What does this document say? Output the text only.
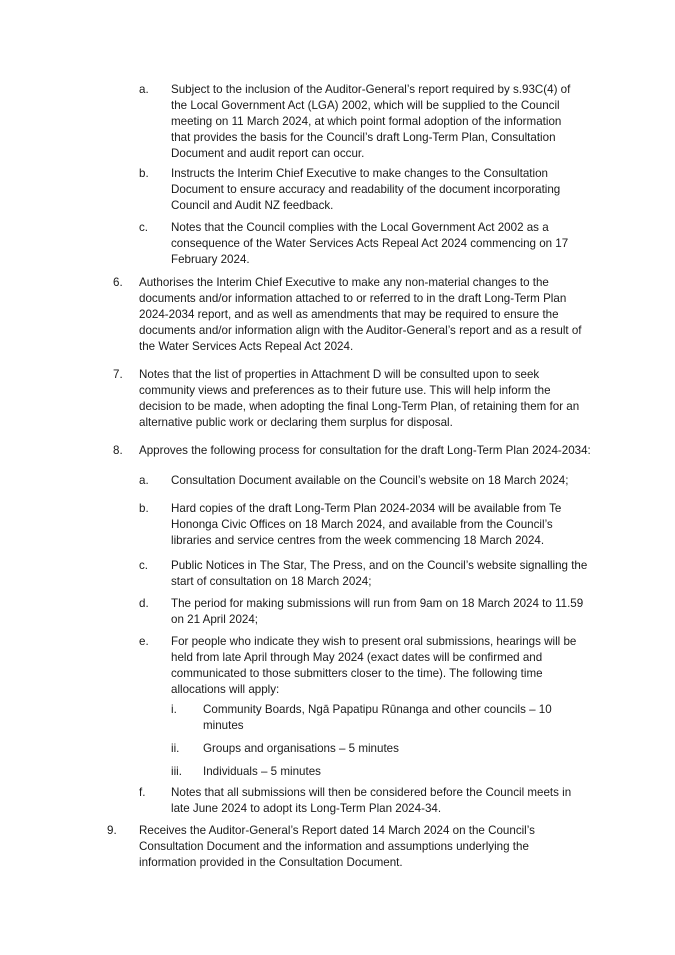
a. Subject to the inclusion of the Auditor-General’s report required by s.93C(4) of
the Local Government Act (LGA) 2002, which will be supplied to the Council
meeting on 11 March 2024, at which point formal adoption of the information
that provides the basis for the Council’s draft Long-Term Plan, Consultation
Document and audit report can occur.
b. Instructs the Interim Chief Executive to make changes to the Consultation
Document to ensure accuracy and readability of the document incorporating
Council and Audit NZ feedback.
c. Notes that the Council complies with the Local Government Act 2002 as a
consequence of the Water Services Acts Repeal Act 2024 commencing on 17
February 2024.
6.	Authorises the Interim Chief Executive to make any non-material changes to the
documents and/or information attached to or referred to in the draft Long-Term Plan
2024-2034 report, and as well as amendments that may be required to ensure the
documents and/or information align with the Auditor-General’s report and as a result of
the Water Services Acts Repeal Act 2024.
7.	Notes that the list of properties in Attachment D will be consulted upon to seek
community views and preferences as to their future use. This will help inform the
decision to be made, when adopting the final Long-Term Plan, of retaining them for an
alternative public work or declaring them surplus for disposal.
8.	Approves the following process for consultation for the draft Long-Term Plan 2024-2034:
a. Consultation Document available on the Council’s website on 18 March 2024;
b. Hard copies of the draft Long-Term Plan 2024-2034 will be available from Te
Hononga Civic Offices on 18 March 2024, and available from the Council’s
libraries and service centres from the week commencing 18 March 2024.
c. Public Notices in The Star, The Press, and on the Council’s website signalling the
start of consultation on 18 March 2024;
d. The period for making submissions will run from 9am on 18 March 2024 to 11.59
on 21 April 2024;
e. For people who indicate they wish to present oral submissions, hearings will be
held from late April through May 2024 (exact dates will be confirmed and
communicated to those submitters closer to the time). The following time
allocations will apply:
i. Community Boards, Ngā Papatipu Rūnanga and other councils – 10
minutes
ii. Groups and organisations – 5 minutes
iii. Individuals – 5 minutes
f. Notes that all submissions will then be considered before the Council meets in
late June 2024 to adopt its Long-Term Plan 2024-34.
9.	Receives the Auditor-General’s Report dated 14 March 2024 on the Council’s
Consultation Document and the information and assumptions underlying the
information provided in the Consultation Document.
